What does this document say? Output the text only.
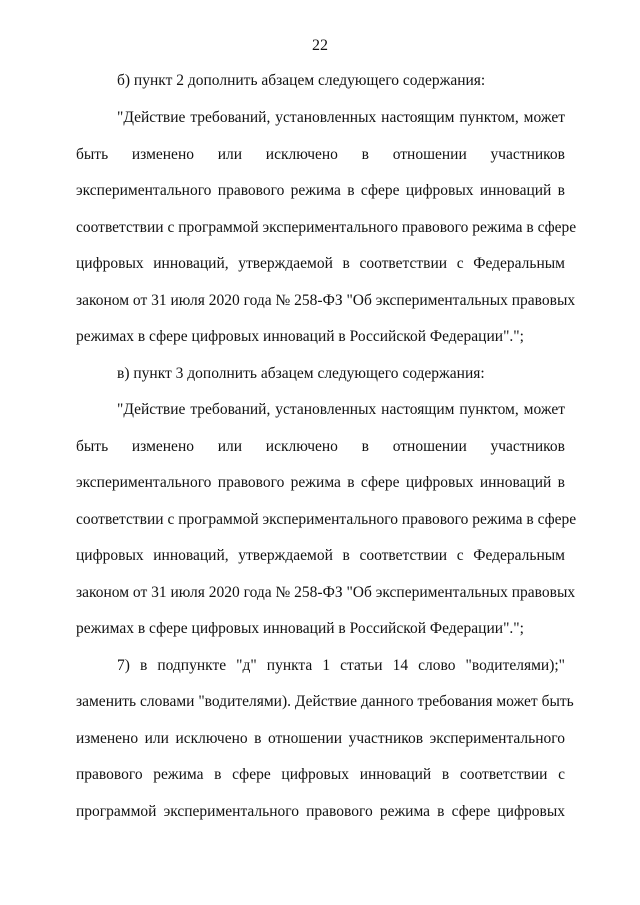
22
б) пункт 2 дополнить абзацем следующего содержания:
"Действие требований, установленных настоящим пунктом, может
быть изменено или исключено в отношении участников
экспериментального правового режима в сфере цифровых инноваций в
соответствии с программой экспериментального правового режима в сфере
цифровых инноваций, утверждаемой в соответствии с Федеральным
законом от 31 июля 2020 года № 258-ФЗ "Об экспериментальных правовых
режимах в сфере цифровых инноваций в Российской Федерации".";
в) пункт 3 дополнить абзацем следующего содержания:
"Действие требований, установленных настоящим пунктом, может
быть изменено или исключено в отношении участников
экспериментального правового режима в сфере цифровых инноваций в
соответствии с программой экспериментального правового режима в сфере
цифровых инноваций, утверждаемой в соответствии с Федеральным
законом от 31 июля 2020 года № 258-ФЗ "Об экспериментальных правовых
режимах в сфере цифровых инноваций в Российской Федерации".";
7) в подпункте "д" пункта 1 статьи 14 слово "водителями);"
заменить словами "водителями). Действие данного требования может быть
изменено или исключено в отношении участников экспериментального
правового режима в сфере цифровых инноваций в соответствии с
программой экспериментального правового режима в сфере цифровых
